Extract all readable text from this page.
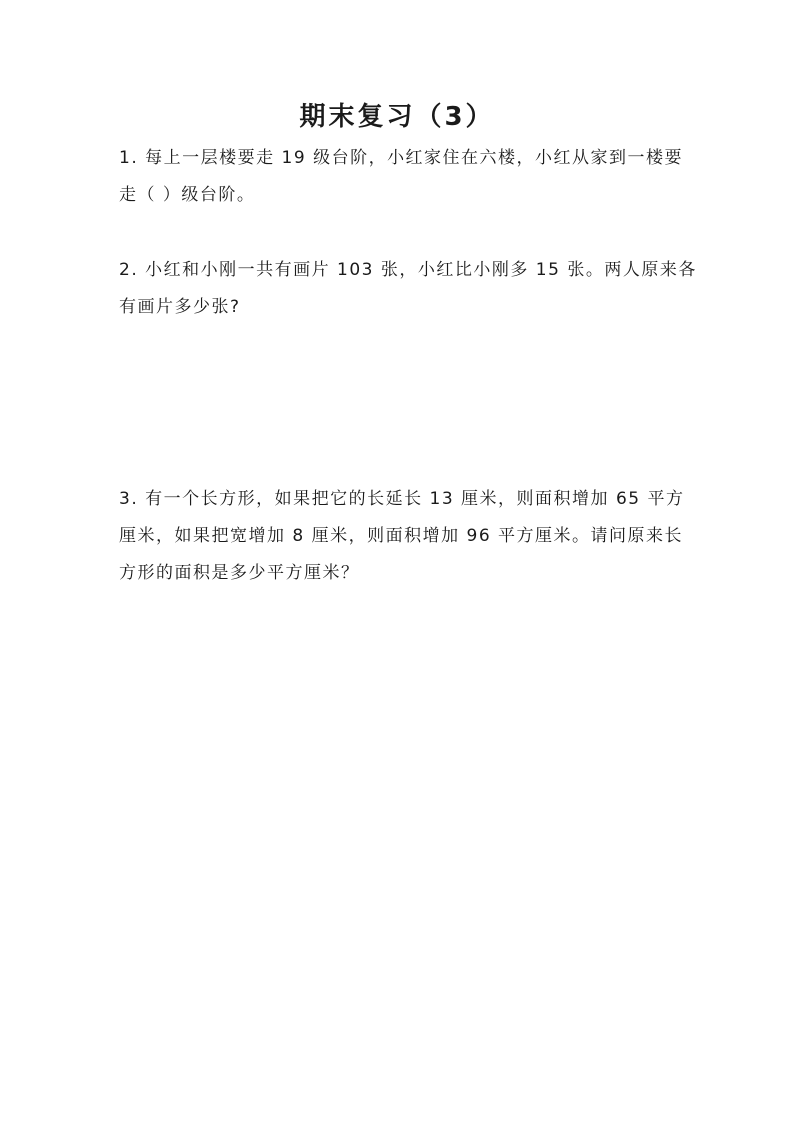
期末复习（3）
1. 每上一层楼要走 19 级台阶，小红家住在六楼，小红从家到一楼要
走（ ）级台阶。
2. 小红和小刚一共有画片 103 张，小红比小刚多 15 张。两人原来各
有画片多少张?
3. 有一个长方形，如果把它的长延长 13 厘米，则面积增加 65 平方
厘米，如果把宽增加 8 厘米，则面积增加 96 平方厘米。请问原来长
方形的面积是多少平方厘米？
